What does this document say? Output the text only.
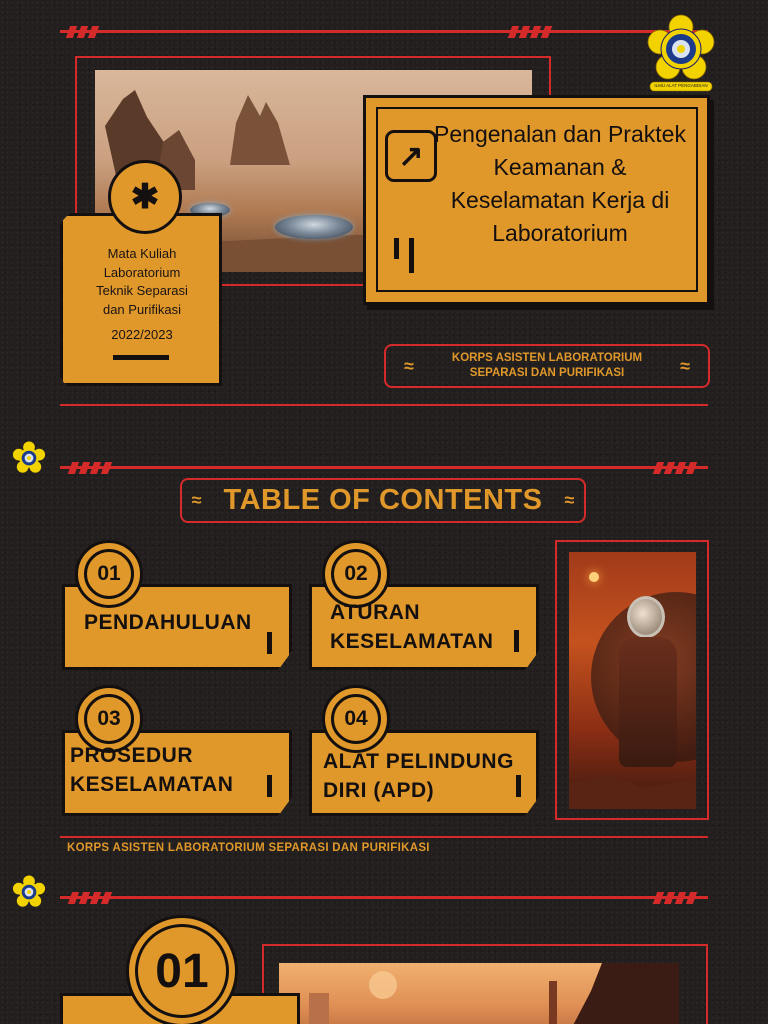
ILMU ALAT PENGABDIAN
✱
Mata Kuliah
Laboratorium
Teknik Separasi
dan Purifikasi
2022/2023
↗
Pengenalan dan Praktek Keamanan & Keselamatan Kerja di Laboratorium
≈	KORPS ASISTEN LABORATORIUM
SEPARASI DAN PURIFIKASI	≈
≈ TABLE OF CONTENTS ≈
01
PENDAHULUAN
02
ATURAN
KESELAMATAN
03
PROSEDUR
KESELAMATAN
04
ALAT PELINDUNG
DIRI (APD)
KORPS ASISTEN LABORATORIUM SEPARASI DAN PURIFIKASI
01
